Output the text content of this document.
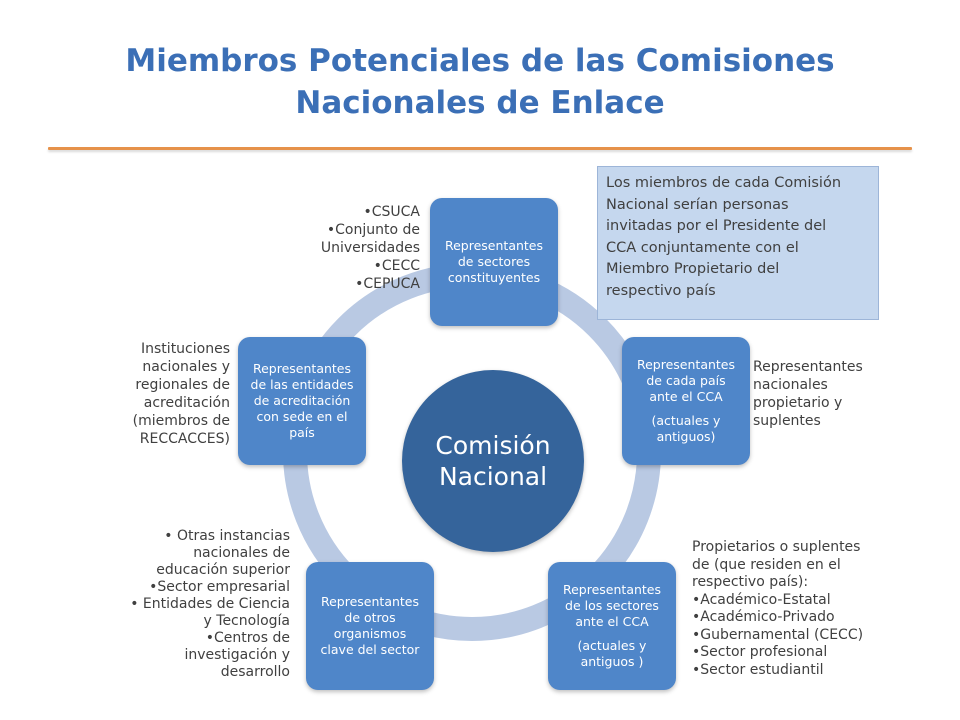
Miembros Potenciales de las Comisiones
Nacionales de Enlace
Comisión
Nacional
Representantes
de sectores
constituyentes
Representantes
de cada país
ante el CCA
(actuales y
antiguos)
Representantes
de los sectores
ante el CCA
(actuales y
antiguos )
Representantes
de otros
organismos
clave del sector
Representantes
de las entidades
de acreditación
con sede en el
país
•CSUCA
•Conjunto de
Universidades
•CECC
•CEPUCA
Instituciones
nacionales y
regionales de
acreditación
(miembros de
RECCACCES)
Representantes
nacionales
propietario y
suplentes
Propietarios o suplentes
de (que residen en el
respectivo país):
•Académico-Estatal
•Académico-Privado
•Gubernamental (CECC)
•Sector profesional
•Sector estudiantil
• Otras instancias
nacionales de
educación superior
•Sector empresarial
• Entidades de Ciencia
y Tecnología
•Centros de
investigación y
desarrollo
Los miembros de cada Comisión
Nacional serían personas
invitadas por el Presidente del
CCA conjuntamente con el
Miembro Propietario del
respectivo país
